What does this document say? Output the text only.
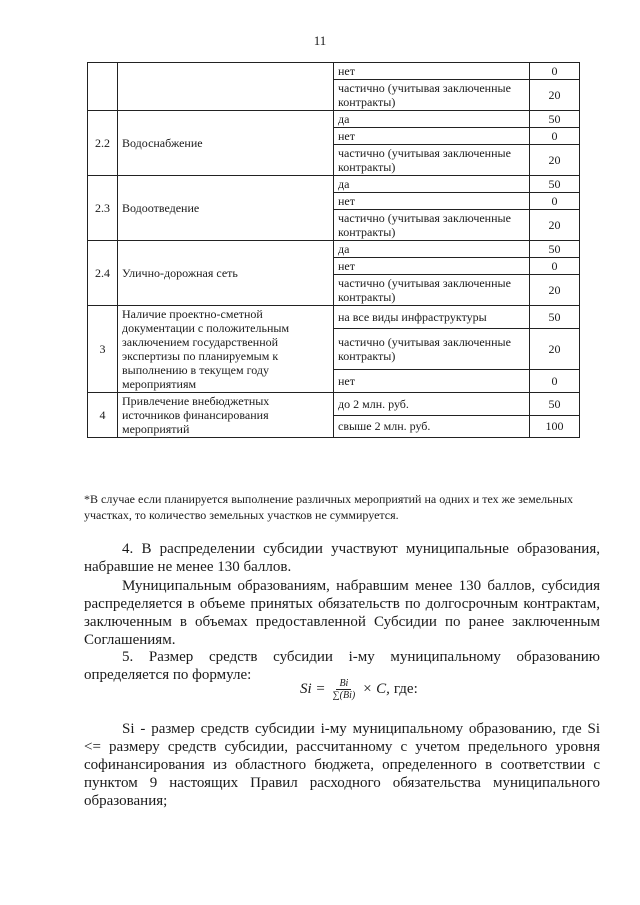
11
		нет	0
		частично (учитывая заключенные контракты)	20
2.2	Водоснабжение	да	50
		нет	0
		частично (учитывая заключенные контракты)	20
2.3	Водоотведение	да	50
		нет	0
		частично (учитывая заключенные контракты)	20
2.4	Улично-дорожная сеть	да	50
		нет	0
		частично (учитывая заключенные контракты)	20
3	Наличие проектно-сметной документации с положительным заключением государственной экспертизы по планируемым к выполнению в текущем году мероприятиям	на все виды инфраструктуры	50
		частично (учитывая заключенные контракты)	20
		нет	0
4	Привлечение внебюджетных источников финансирования мероприятий	до 2 млн. руб.	50
		свыше 2 млн. руб.	100
*В случае если планируется выполнение различных мероприятий на одних и тех же земельных участках, то количество земельных участков не суммируется.
4. В распределении субсидии участвуют муниципальные образования, набравшие не менее 130 баллов.
Муниципальным образованиям, набравшим менее 130 баллов, субсидия распределяется в объеме принятых обязательств по долгосрочным контрактам, заключенным в объемах предоставленной Субсидии по ранее заключенным Соглашениям.
5. Размер средств субсидии i-му муниципальному образованию определяется по формуле:
$Si = \frac{Bi}{\sum(Bi)} \times C$, где:
Si - размер средств субсидии i-му муниципальному образованию, где Si <= размеру средств субсидии, рассчитанному с учетом предельного уровня софинансирования из областного бюджета, определенного в соответствии с пунктом 9 настоящих Правил расходного обязательства муниципального образования;
